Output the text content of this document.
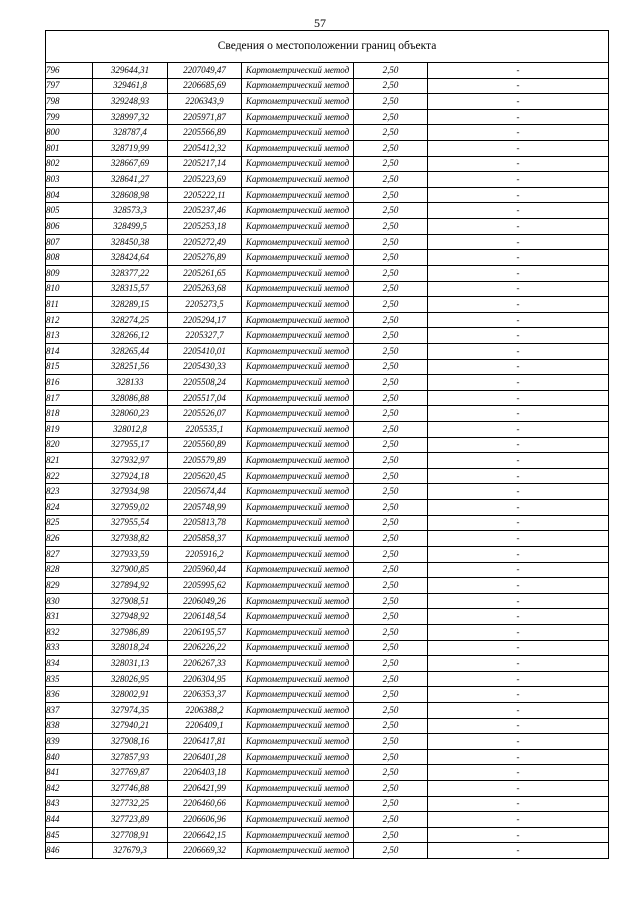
57
Сведения о местоположении границ объекта					
796	329644,31	2207049,47	Картометрический метод	2,50	-
797	329461,8	2206685,69	Картометрический метод	2,50	-
798	329248,93	2206343,9	Картометрический метод	2,50	-
799	328997,32	2205971,87	Картометрический метод	2,50	-
800	328787,4	2205566,89	Картометрический метод	2,50	-
801	328719,99	2205412,32	Картометрический метод	2,50	-
802	328667,69	2205217,14	Картометрический метод	2,50	-
803	328641,27	2205223,69	Картометрический метод	2,50	-
804	328608,98	2205222,11	Картометрический метод	2,50	-
805	328573,3	2205237,46	Картометрический метод	2,50	-
806	328499,5	2205253,18	Картометрический метод	2,50	-
807	328450,38	2205272,49	Картометрический метод	2,50	-
808	328424,64	2205276,89	Картометрический метод	2,50	-
809	328377,22	2205261,65	Картометрический метод	2,50	-
810	328315,57	2205263,68	Картометрический метод	2,50	-
811	328289,15	2205273,5	Картометрический метод	2,50	-
812	328274,25	2205294,17	Картометрический метод	2,50	-
813	328266,12	2205327,7	Картометрический метод	2,50	-
814	328265,44	2205410,01	Картометрический метод	2,50	-
815	328251,56	2205430,33	Картометрический метод	2,50	-
816	328133	2205508,24	Картометрический метод	2,50	-
817	328086,88	2205517,04	Картометрический метод	2,50	-
818	328060,23	2205526,07	Картометрический метод	2,50	-
819	328012,8	2205535,1	Картометрический метод	2,50	-
820	327955,17	2205560,89	Картометрический метод	2,50	-
821	327932,97	2205579,89	Картометрический метод	2,50	-
822	327924,18	2205620,45	Картометрический метод	2,50	-
823	327934,98	2205674,44	Картометрический метод	2,50	-
824	327959,02	2205748,99	Картометрический метод	2,50	-
825	327955,54	2205813,78	Картометрический метод	2,50	-
826	327938,82	2205858,37	Картометрический метод	2,50	-
827	327933,59	2205916,2	Картометрический метод	2,50	-
828	327900,85	2205960,44	Картометрический метод	2,50	-
829	327894,92	2205995,62	Картометрический метод	2,50	-
830	327908,51	2206049,26	Картометрический метод	2,50	-
831	327948,92	2206148,54	Картометрический метод	2,50	-
832	327986,89	2206195,57	Картометрический метод	2,50	-
833	328018,24	2206226,22	Картометрический метод	2,50	-
834	328031,13	2206267,33	Картометрический метод	2,50	-
835	328026,95	2206304,95	Картометрический метод	2,50	-
836	328002,91	2206353,37	Картометрический метод	2,50	-
837	327974,35	2206388,2	Картометрический метод	2,50	-
838	327940,21	2206409,1	Картометрический метод	2,50	-
839	327908,16	2206417,81	Картометрический метод	2,50	-
840	327857,93	2206401,28	Картометрический метод	2,50	-
841	327769,87	2206403,18	Картометрический метод	2,50	-
842	327746,88	2206421,99	Картометрический метод	2,50	-
843	327732,25	2206460,66	Картометрический метод	2,50	-
844	327723,89	2206606,96	Картометрический метод	2,50	-
845	327708,91	2206642,15	Картометрический метод	2,50	-
846	327679,3	2206669,32	Картометрический метод	2,50	-
